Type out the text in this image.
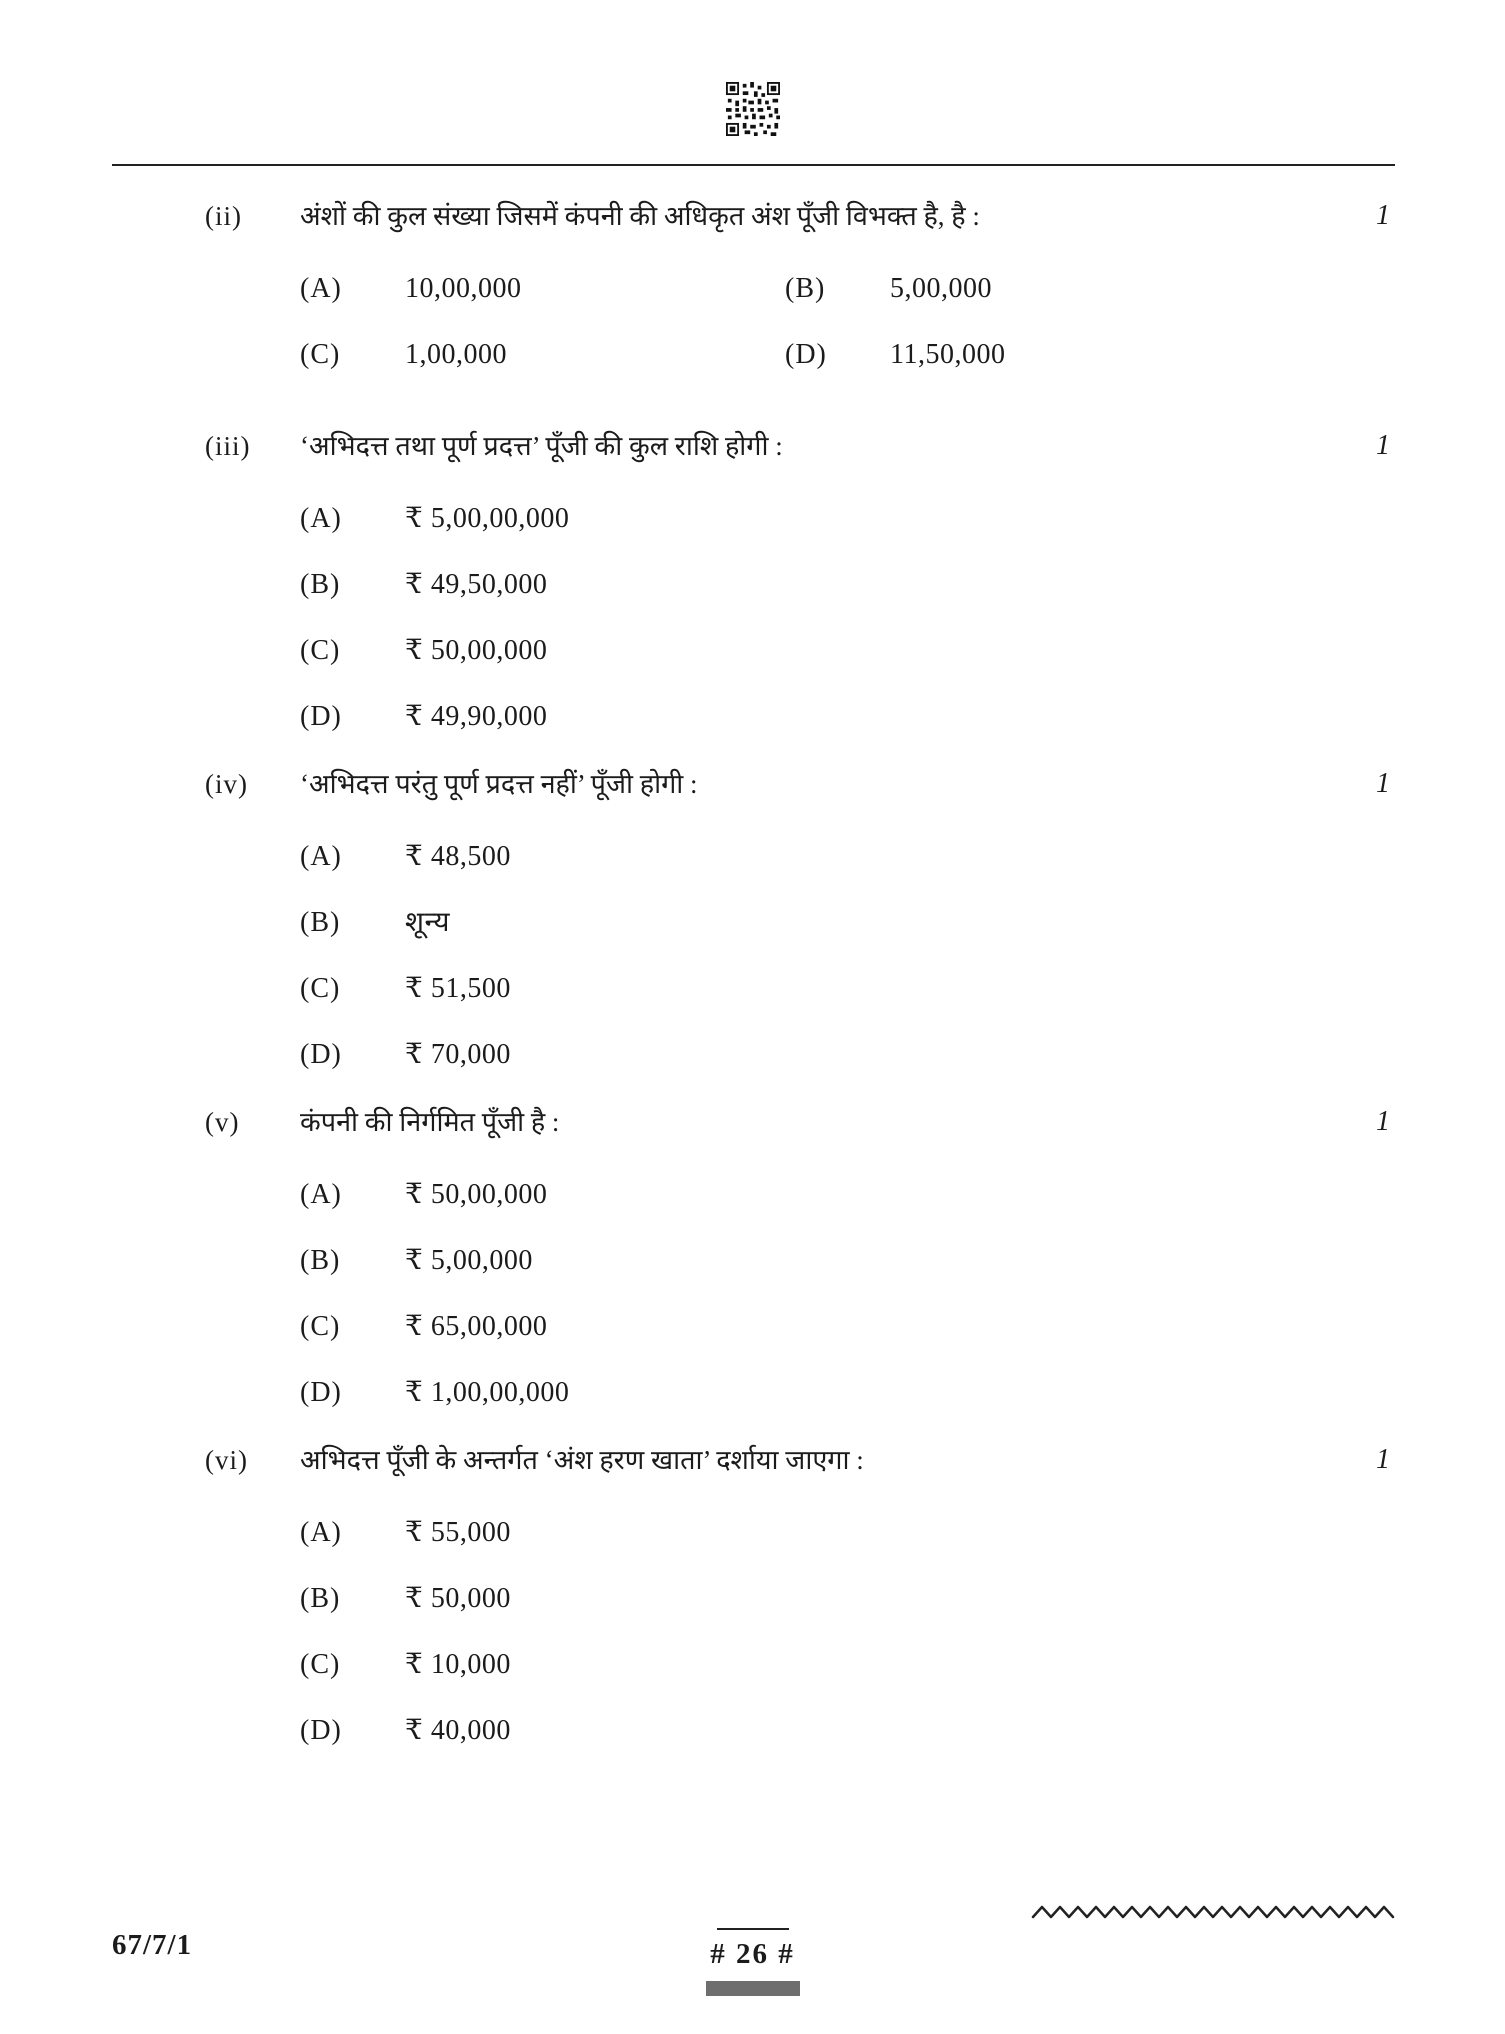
(ii)	अंशों की कुल संख्या जिसमें कंपनी की अधिकृत अंश पूँजी विभक्त है, है :	1
(A)	10,00,000	(B)	5,00,000
(C)	1,00,000	(D)	11,50,000
(iii)	‘अभिदत्त तथा पूर्ण प्रदत्त’ पूँजी की कुल राशि होगी :	1
(A)	₹ 5,00,00,000
(B)	₹ 49,50,000
(C)	₹ 50,00,000
(D)	₹ 49,90,000
(iv)	‘अभिदत्त परंतु पूर्ण प्रदत्त नहीं’ पूँजी होगी :	1
(A)	₹ 48,500
(B)	शून्य
(C)	₹ 51,500
(D)	₹ 70,000
(v)	कंपनी की निर्गमित पूँजी है :	1
(A)	₹ 50,00,000
(B)	₹ 5,00,000
(C)	₹ 65,00,000
(D)	₹ 1,00,00,000
(vi)	अभिदत्त पूँजी के अन्तर्गत ‘अंश हरण खाता’ दर्शाया जाएगा :	1
(A)	₹ 55,000
(B)	₹ 50,000
(C)	₹ 10,000
(D)	₹ 40,000
67/7/1	# 26 #
